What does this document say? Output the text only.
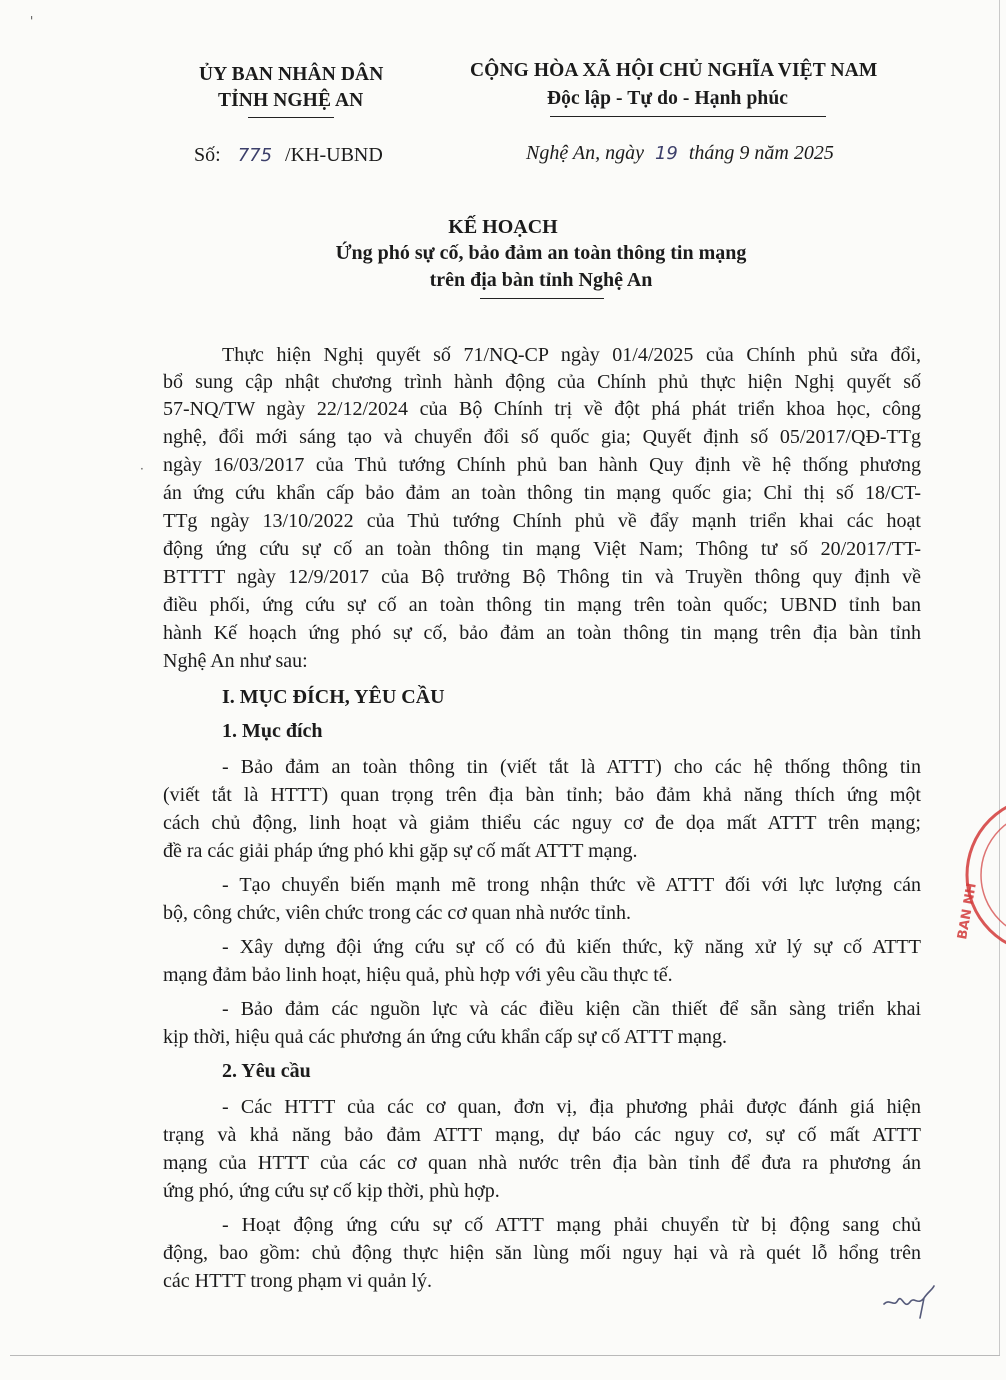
'
·
ỦY BAN NHÂN DÂN
TỈNH NGHỆ AN
CỘNG HÒA XÃ HỘI CHỦ NGHĨA VIỆT NAM
Độc lập - Tự do - Hạnh phúc
Số: 775 /KH-UBND	Nghệ An, ngày 19 tháng 9 năm 2025
KẾ HOẠCH
Ứng phó sự cố, bảo đảm an toàn thông tin mạng
trên địa bàn tỉnh Nghệ An
Thực hiện Nghị quyết số 71/NQ-CP ngày 01/4/2025 của Chính phủ sửa đổi,
bổ sung cập nhật chương trình hành động của Chính phủ thực hiện Nghị quyết số
57-NQ/TW ngày 22/12/2024 của Bộ Chính trị về đột phá phát triển khoa học, công
nghệ, đổi mới sáng tạo và chuyển đổi số quốc gia; Quyết định số 05/2017/QĐ-TTg
ngày 16/03/2017 của Thủ tướng Chính phủ ban hành Quy định về hệ thống phương
án ứng cứu khẩn cấp bảo đảm an toàn thông tin mạng quốc gia; Chỉ thị số 18/CT-
TTg ngày 13/10/2022 của Thủ tướng Chính phủ về đẩy mạnh triển khai các hoạt
động ứng cứu sự cố an toàn thông tin mạng Việt Nam; Thông tư số 20/2017/TT-
BTTTT ngày 12/9/2017 của Bộ trưởng Bộ Thông tin và Truyền thông quy định về
điều phối, ứng cứu sự cố an toàn thông tin mạng trên toàn quốc; UBND tỉnh ban
hành Kế hoạch ứng phó sự cố, bảo đảm an toàn thông tin mạng trên địa bàn tỉnh
Nghệ An như sau:
I. MỤC ĐÍCH, YÊU CẦU
1. Mục đích
- Bảo đảm an toàn thông tin (viết tắt là ATTT) cho các hệ thống thông tin
(viết tắt là HTTT) quan trọng trên địa bàn tỉnh; bảo đảm khả năng thích ứng một
cách chủ động, linh hoạt và giảm thiểu các nguy cơ đe dọa mất ATTT trên mạng;
đề ra các giải pháp ứng phó khi gặp sự cố mất ATTT mạng.
- Tạo chuyển biến mạnh mẽ trong nhận thức về ATTT đối với lực lượng cán
bộ, công chức, viên chức trong các cơ quan nhà nước tỉnh.
- Xây dựng đội ứng cứu sự cố có đủ kiến thức, kỹ năng xử lý sự cố ATTT
mạng đảm bảo linh hoạt, hiệu quả, phù hợp với yêu cầu thực tế.
- Bảo đảm các nguồn lực và các điều kiện cần thiết để sẵn sàng triển khai
kịp thời, hiệu quả các phương án ứng cứu khẩn cấp sự cố ATTT mạng.
2. Yêu cầu
- Các HTTT của các cơ quan, đơn vị, địa phương phải được đánh giá hiện
trạng và khả năng bảo đảm ATTT mạng, dự báo các nguy cơ, sự cố mất ATTT
mạng của HTTT của các cơ quan nhà nước trên địa bàn tỉnh để đưa ra phương án
ứng phó, ứng cứu sự cố kịp thời, phù hợp.
- Hoạt động ứng cứu sự cố ATTT mạng phải chuyển từ bị động sang chủ
động, bao gồm: chủ động thực hiện săn lùng mối nguy hại và rà quét lỗ hổng trên
các HTTT trong phạm vi quản lý.
BAN NH
